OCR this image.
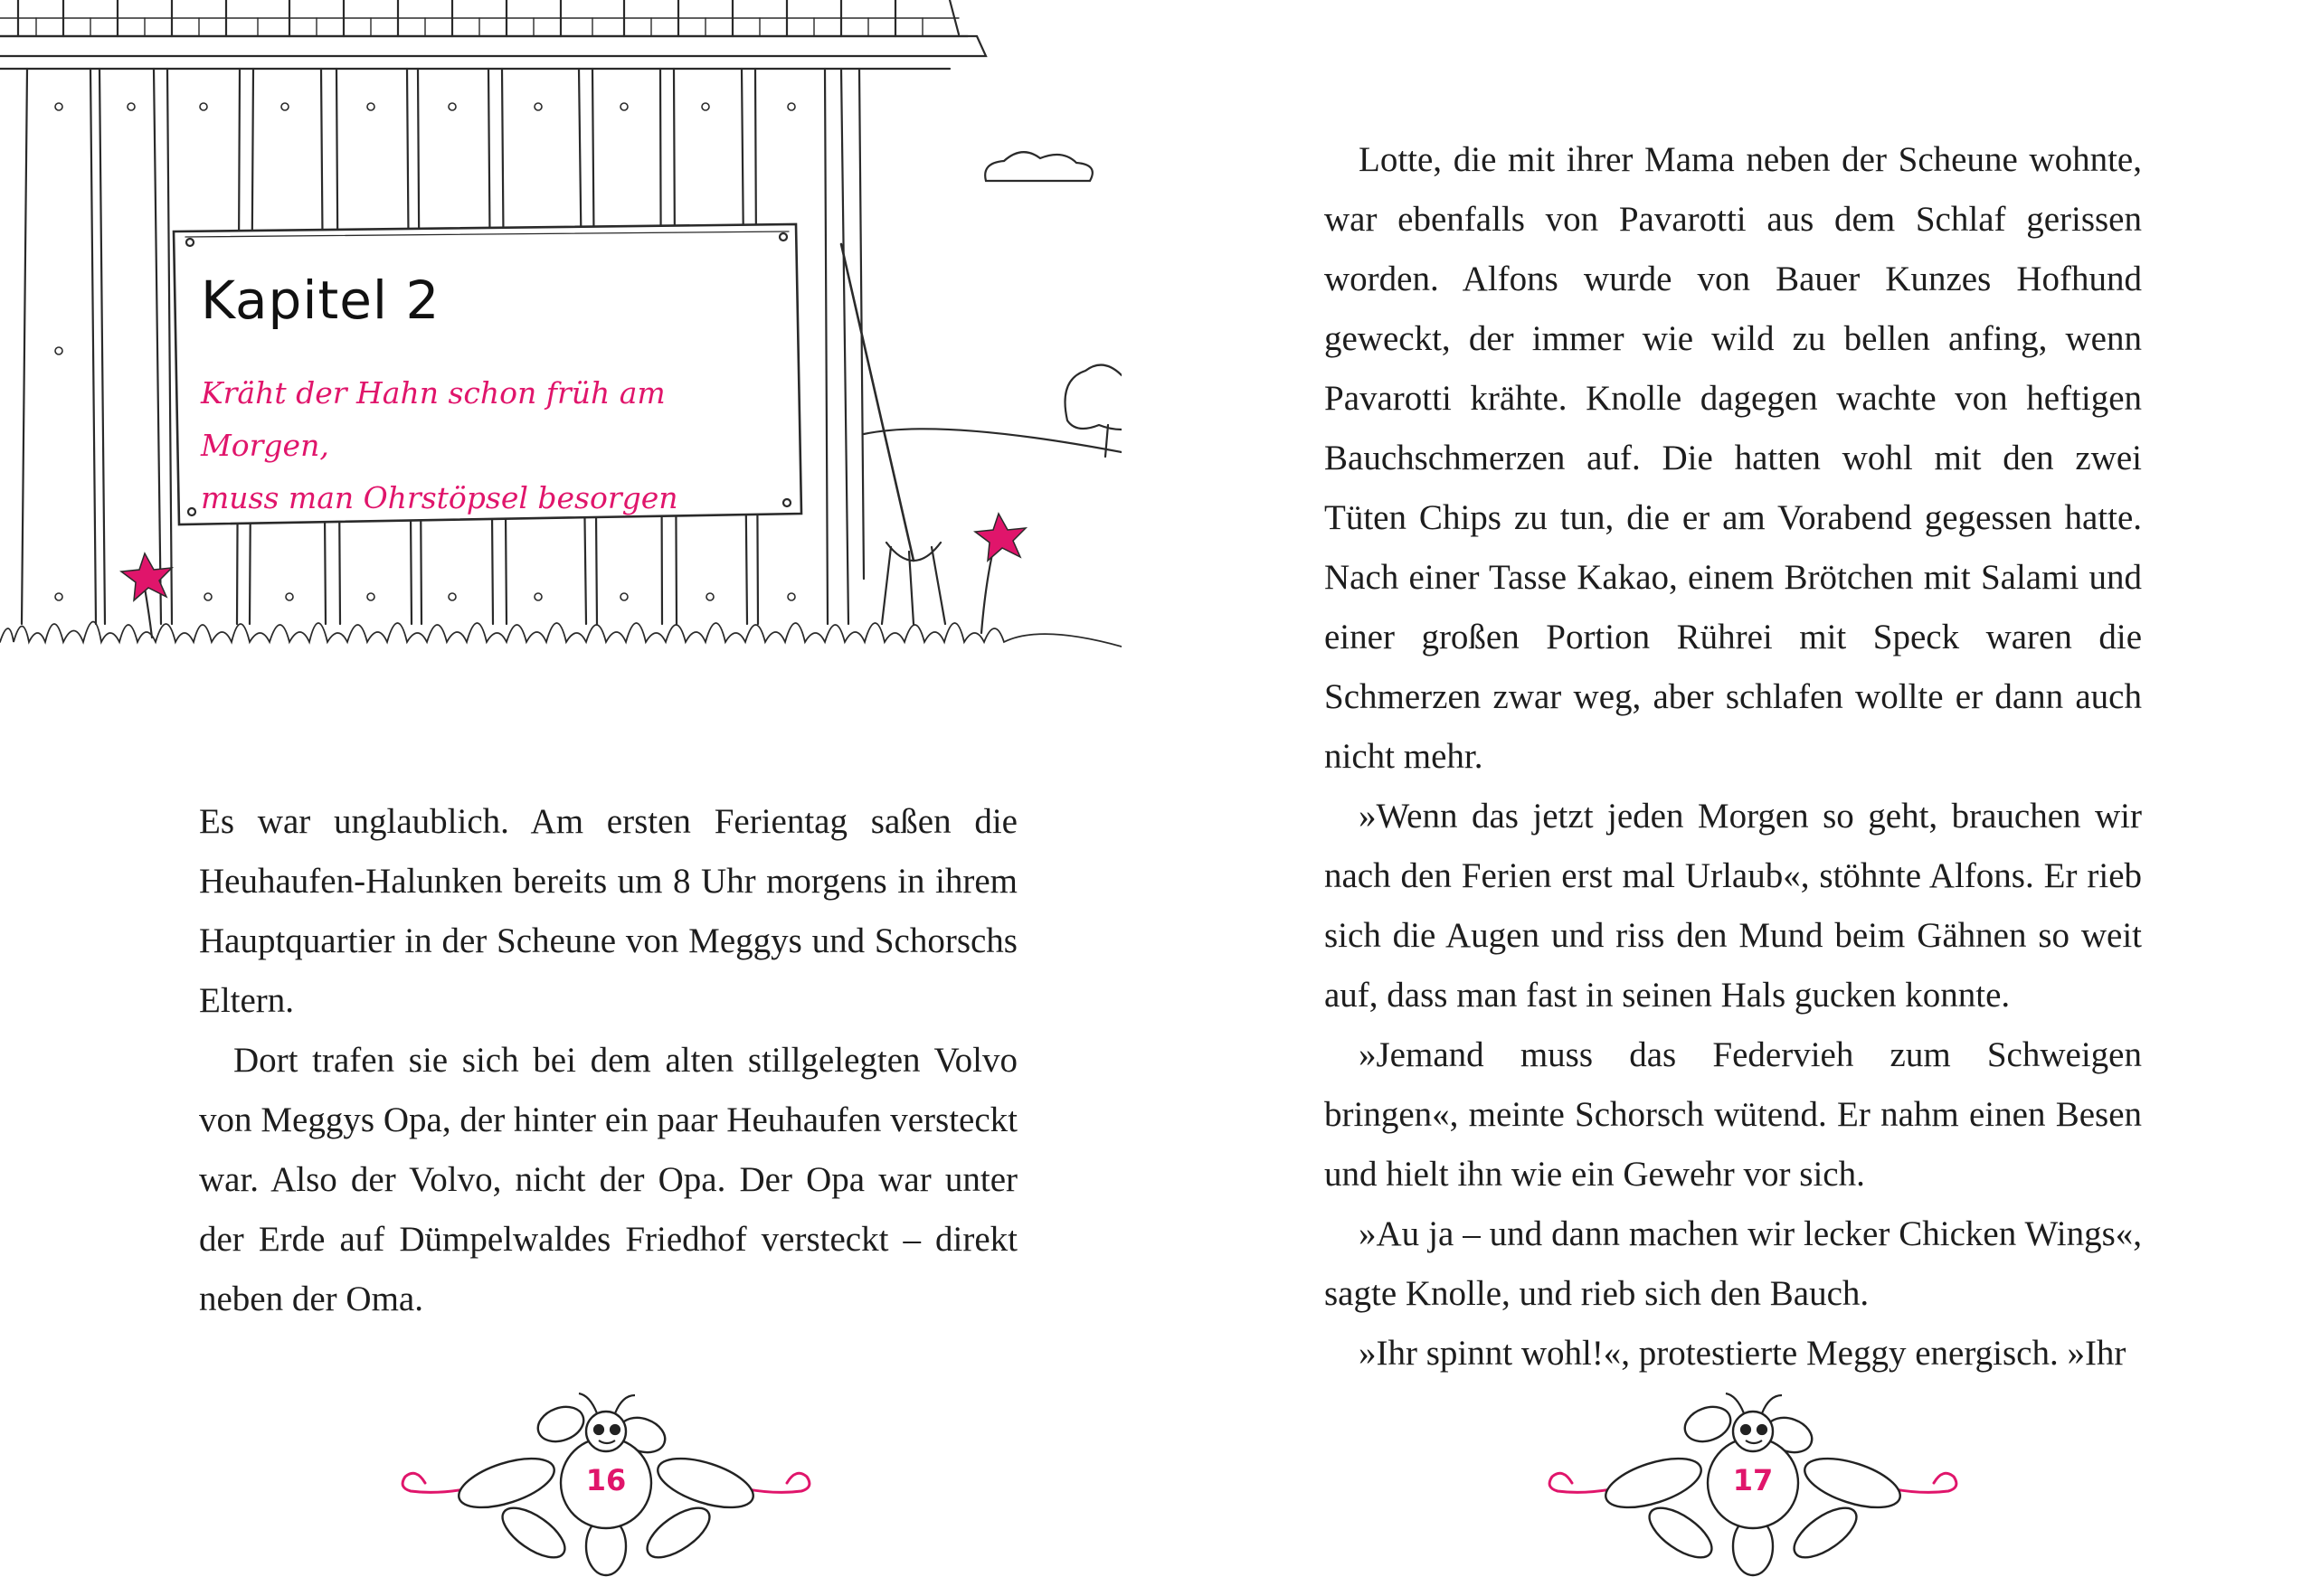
Kapitel 2
Kräht der Hahn schon früh am Morgen,
muss man Ohrstöpsel besorgen

Es war unglaublich. Am ersten Ferientag saßen die Heuhaufen-Halunken bereits um 8 Uhr morgens in ihrem Hauptquartier in der Scheune von Meggys und Schorschs Eltern.

Dort trafen sie sich bei dem alten stillgelegten Volvo von Meggys Opa, der hinter ein paar Heuhaufen versteckt war. Also der Volvo, nicht der Opa. Der Opa war unter der Erde auf Dümpelwaldes Friedhof versteckt – direkt neben der Oma.

16

Lotte, die mit ihrer Mama neben der Scheune wohnte, war ebenfalls von Pavarotti aus dem Schlaf gerissen worden. Alfons wurde von Bauer Kunzes Hofhund geweckt, der immer wie wild zu bellen anfing, wenn Pavarotti krähte. Knolle dagegen wachte von heftigen Bauchschmerzen auf. Die hatten wohl mit den zwei Tüten Chips zu tun, die er am Vorabend gegessen hatte. Nach einer Tasse Kakao, einem Brötchen mit Salami und einer großen Portion Rührei mit Speck waren die Schmerzen zwar weg, aber schlafen wollte er dann auch nicht mehr.

»Wenn das jetzt jeden Morgen so geht, brauchen wir nach den Ferien erst mal Urlaub«, stöhnte Alfons. Er rieb sich die Augen und riss den Mund beim Gähnen so weit auf, dass man fast in seinen Hals gucken konnte.

»Jemand muss das Federvieh zum Schweigen bringen«, meinte Schorsch wütend. Er nahm einen Besen und hielt ihn wie ein Gewehr vor sich.

»Au ja – und dann machen wir lecker Chicken Wings«, sagte Knolle, und rieb sich den Bauch.

»Ihr spinnt wohl!«, protestierte Meggy energisch. »Ihr

17
